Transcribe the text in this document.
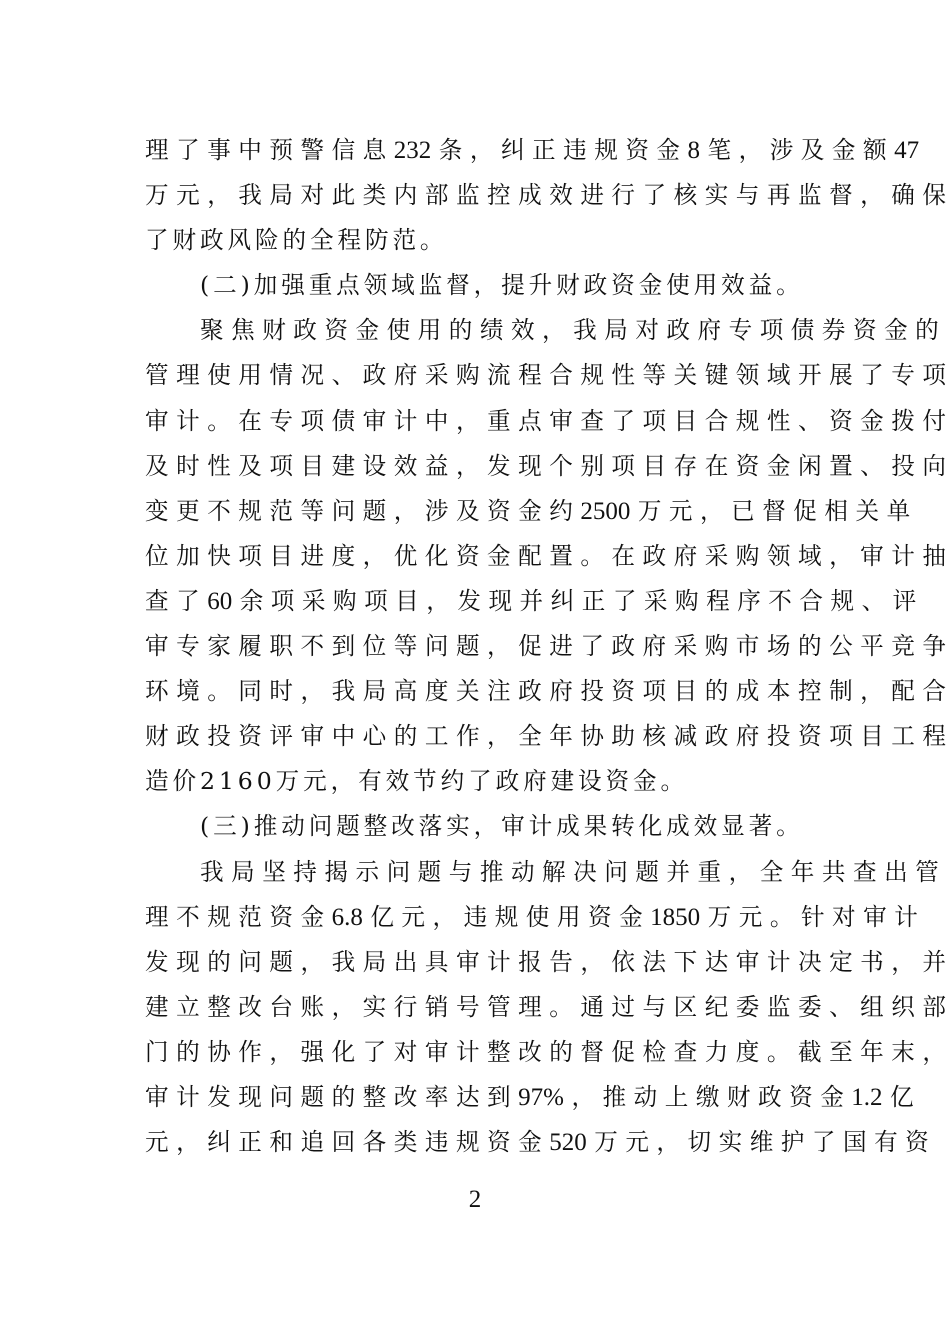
理 了 事 中 预 警 信 息 232 条 ， 纠 正 违 规 资 金 8 笔 ， 涉 及 金 额 47
万 元 ， 我 局 对 此 类 内 部 监 控 成 效 进 行 了 核 实 与 再 监 督 ， 确 保
了财政风险的全程防范。
(二)加强重点领域监督，提升财政资金使用效益。
聚 焦 财 政 资 金 使 用 的 绩 效 ， 我 局 对 政 府 专 项 债 券 资 金 的
管 理 使 用 情 况 、 政 府 采 购 流 程 合 规 性 等 关 键 领 域 开 展 了 专 项
审 计 。 在 专 项 债 审 计 中 ， 重 点 审 查 了 项 目 合 规 性 、 资 金 拨 付
及 时 性 及 项 目 建 设 效 益 ， 发 现 个 别 项 目 存 在 资 金 闲 置 、 投 向
变 更 不 规 范 等 问 题 ， 涉 及 资 金 约 2500 万 元 ， 已 督 促 相 关 单
位 加 快 项 目 进 度 ， 优 化 资 金 配 置 。 在 政 府 采 购 领 域 ， 审 计 抽
查 了 60 余 项 采 购 项 目 ， 发 现 并 纠 正 了 采 购 程 序 不 合 规 、 评
审 专 家 履 职 不 到 位 等 问 题 ， 促 进 了 政 府 采 购 市 场 的 公 平 竞 争
环 境 。 同 时 ， 我 局 高 度 关 注 政 府 投 资 项 目 的 成 本 控 制 ， 配 合
财 政 投 资 评 审 中 心 的 工 作 ， 全 年 协 助 核 减 政 府 投 资 项 目 工 程
造价2160万元，有效节约了政府建设资金。
(三)推动问题整改落实，审计成果转化成效显著。
我 局 坚 持 揭 示 问 题 与 推 动 解 决 问 题 并 重 ， 全 年 共 查 出 管
理 不 规 范 资 金 6.8 亿 元 ， 违 规 使 用 资 金 1850 万 元 。 针 对 审 计
发 现 的 问 题 ， 我 局 出 具 审 计 报 告 ， 依 法 下 达 审 计 决 定 书 ， 并
建 立 整 改 台 账 ， 实 行 销 号 管 理 。 通 过 与 区 纪 委 监 委 、 组 织 部
门 的 协 作 ， 强 化 了 对 审 计 整 改 的 督 促 检 查 力 度 。 截 至 年 末 ，
审 计 发 现 问 题 的 整 改 率 达 到 97% ， 推 动 上 缴 财 政 资 金 1.2 亿
元 ， 纠 正 和 追 回 各 类 违 规 资 金 520 万 元 ， 切 实 维 护 了 国 有 资
2
